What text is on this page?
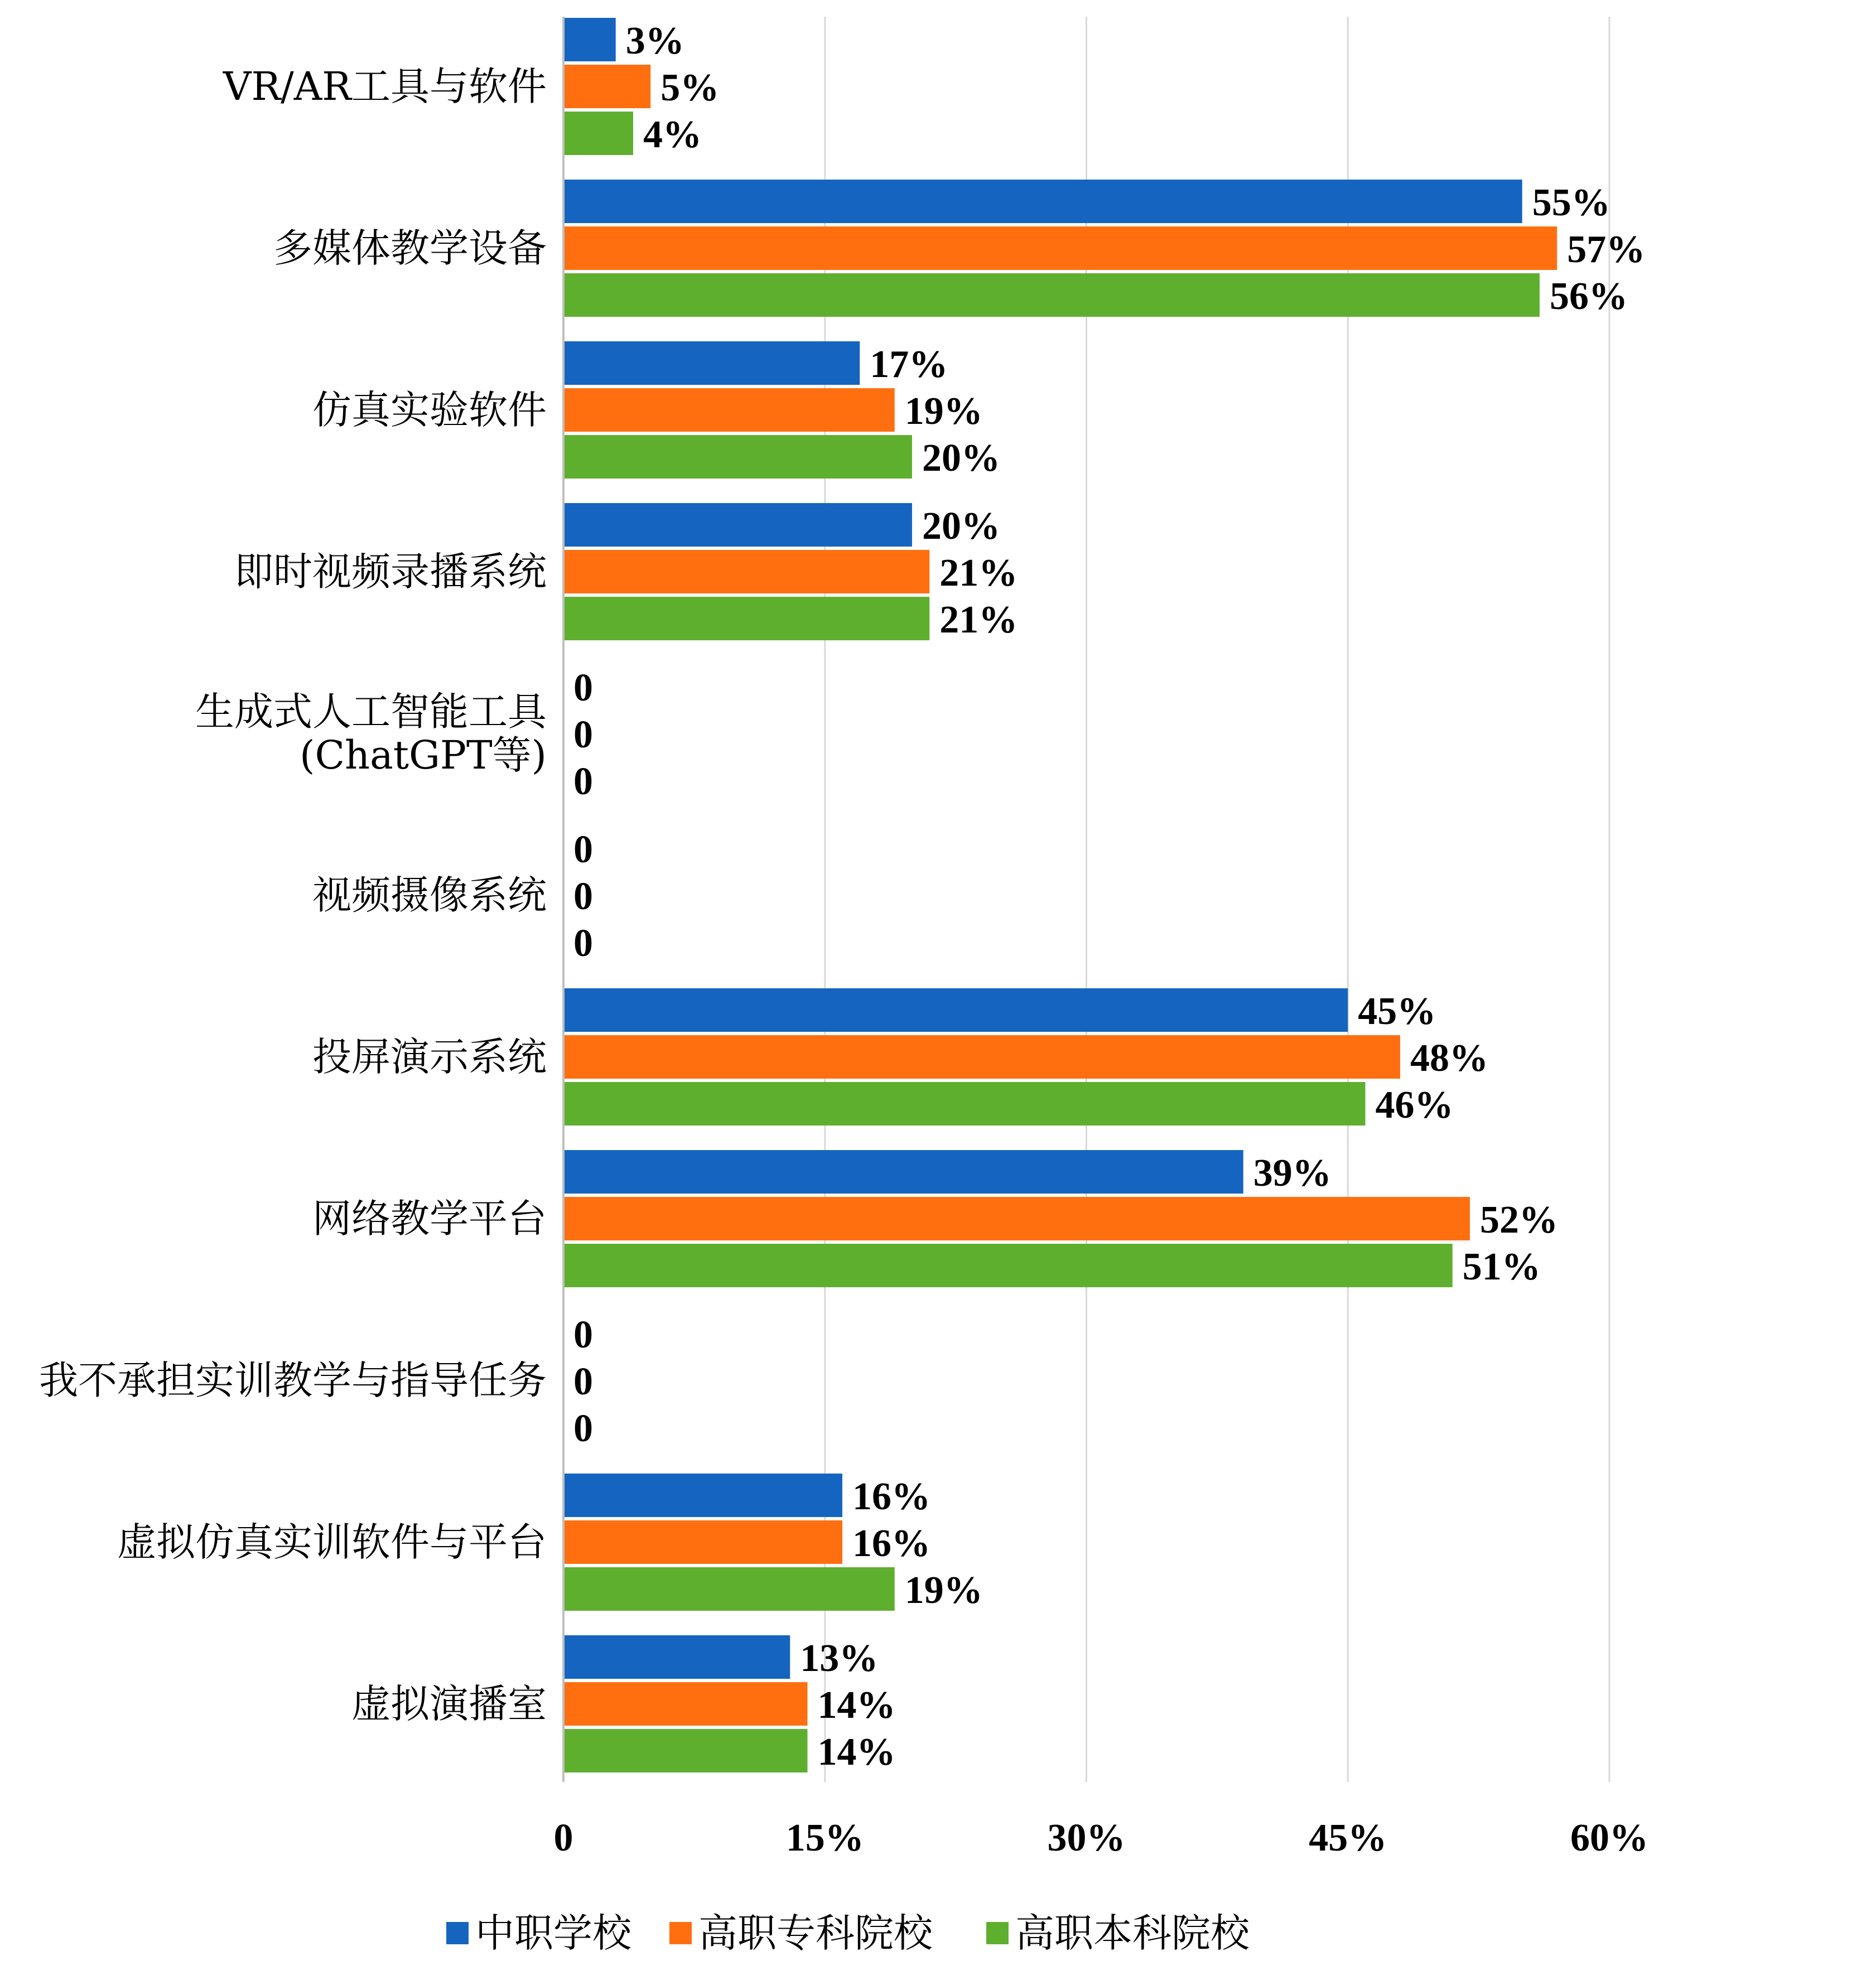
3%
5%
4%
55%
57%
56%
17%
19%
20%
20%
21%
21%
0
0
0
0
0
0
45%
48%
46%
39%
52%
51%
0
0
0
16%
16%
19%
13%
14%
14%
VR/AR工具与软件
多媒体教学设备
仿真实验软件
即时视频录播系统
生成式人工智能工具
(ChatGPT等)
视频摄像系统
投屏演示系统
网络教学平台
我不承担实训教学与指导任务
虚拟仿真实训软件与平台
虚拟演播室
0	15%	30%	45%	60%
中职学校 高职专科院校 高职本科院校
